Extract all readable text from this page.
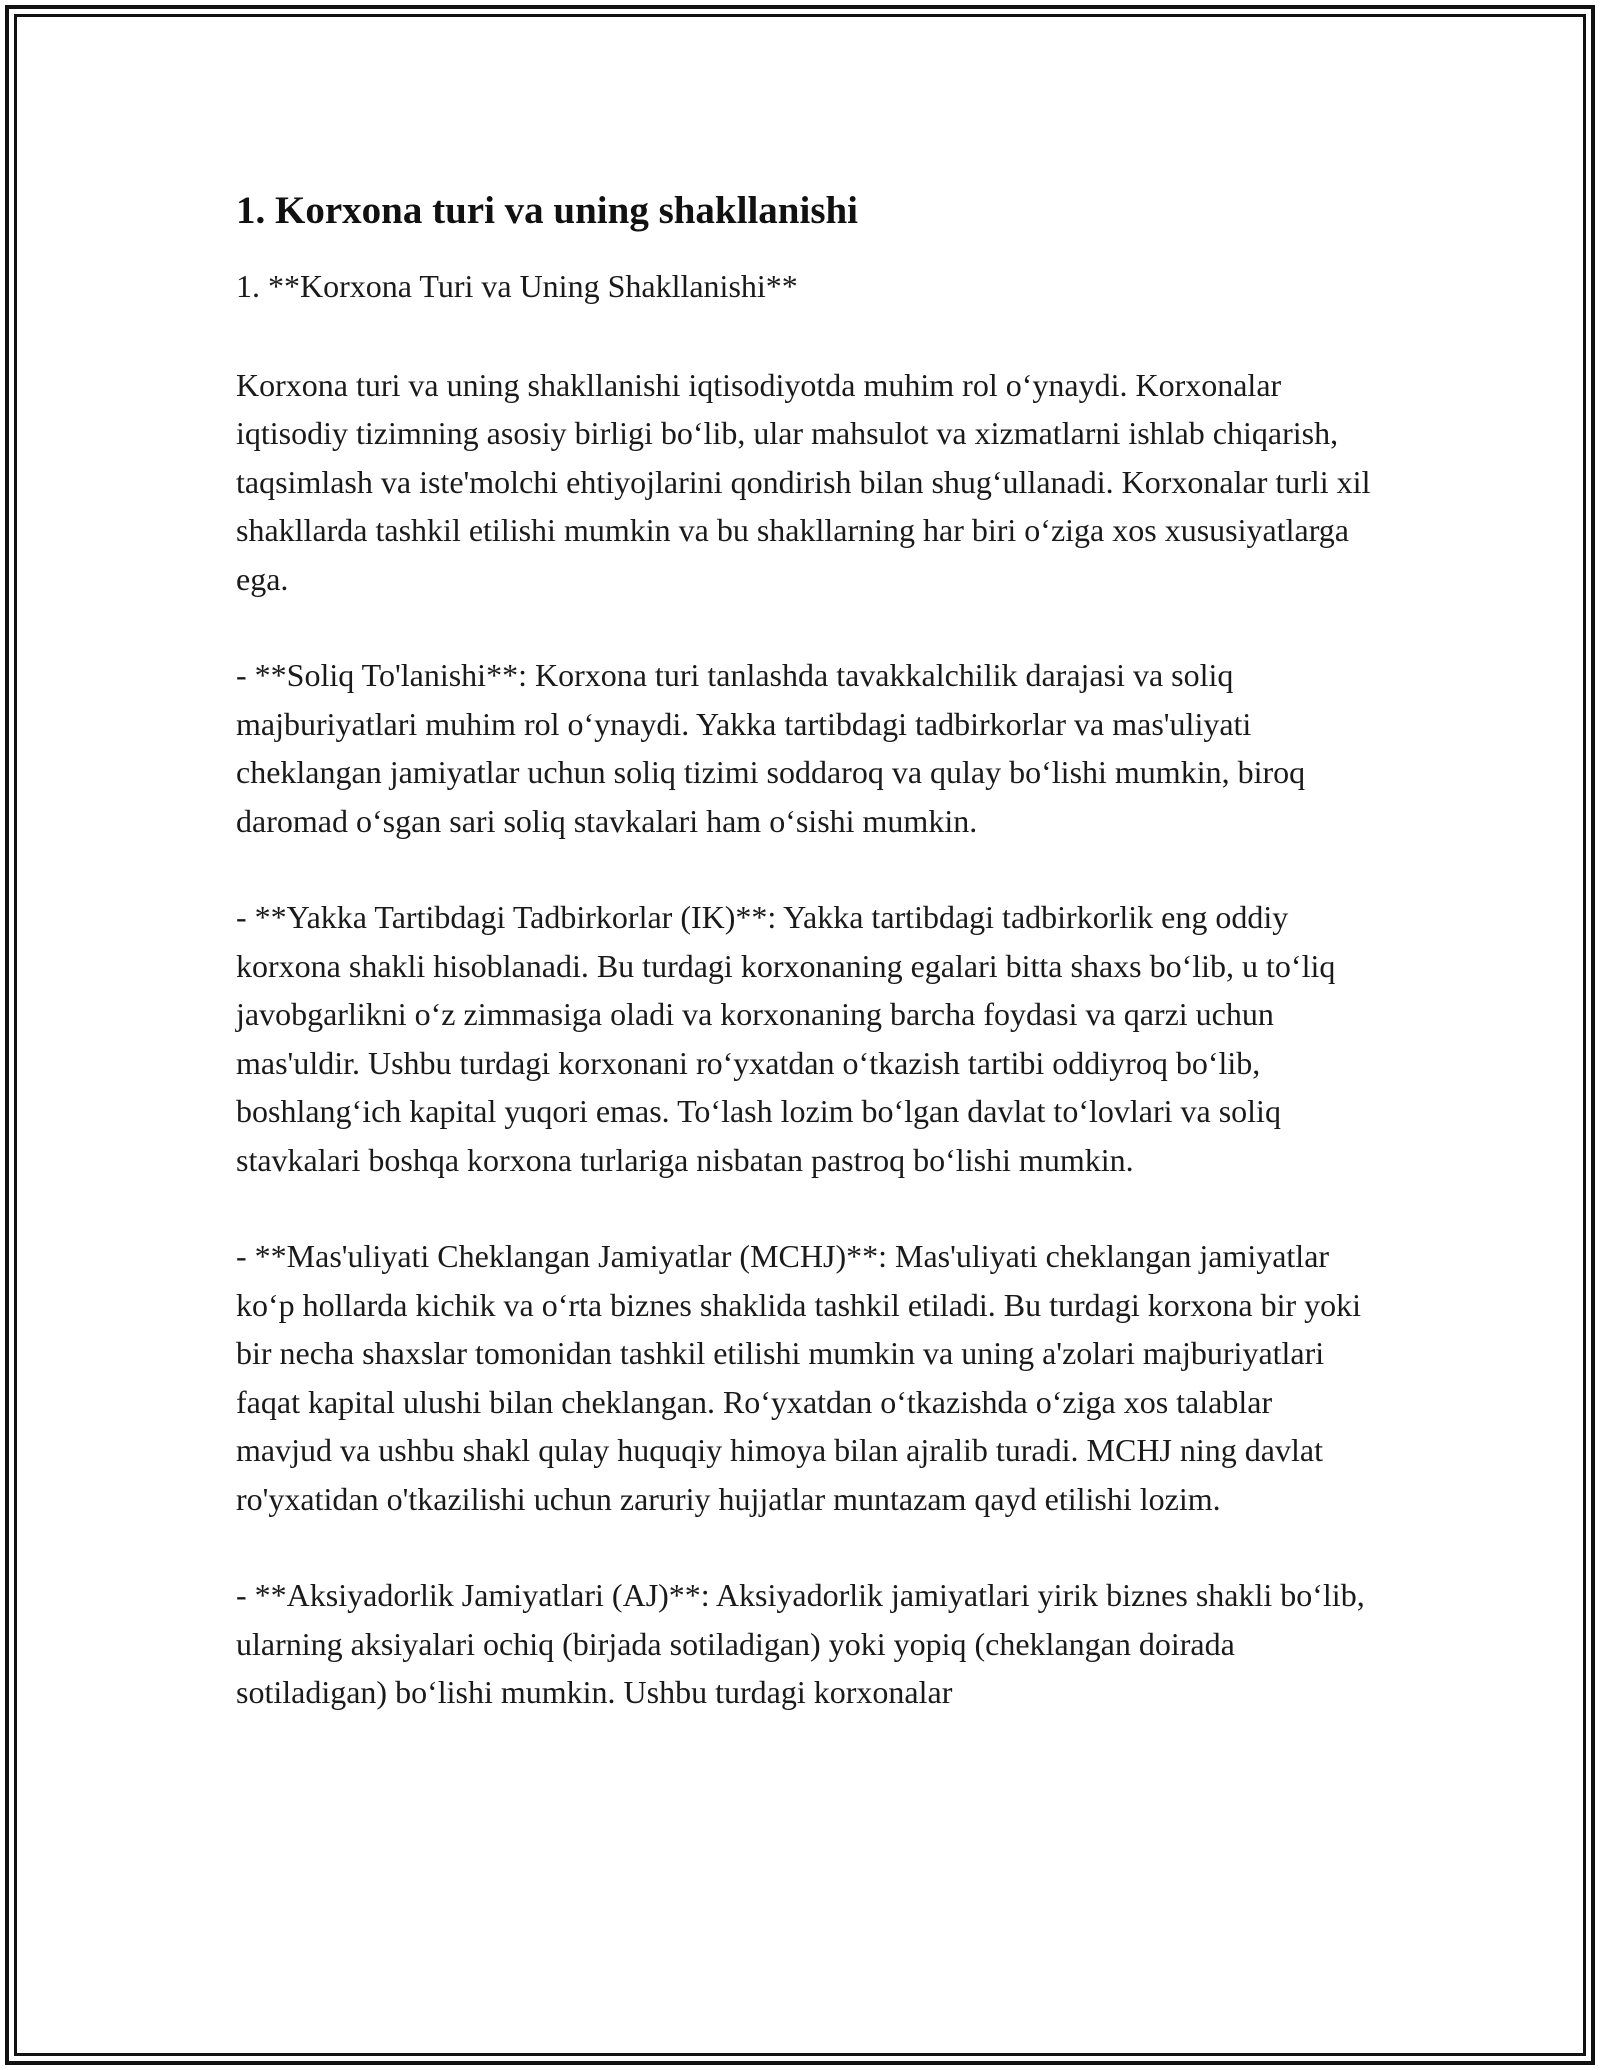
1. Korxona turi va uning shakllanishi

1. **Korxona Turi va Uning Shakllanishi**

Korxona turi va uning shakllanishi iqtisodiyotda muhim rol o‘ynaydi. Korxonalar iqtisodiy tizimning asosiy birligi bo‘lib, ular mahsulot va xizmatlarni ishlab chiqarish, taqsimlash va iste'molchi ehtiyojlarini qondirish bilan shug‘ullanadi. Korxonalar turli xil shakllarda tashkil etilishi mumkin va bu shakllarning har biri o‘ziga xos xususiyatlarga ega.

- **Soliq To'lanishi**: Korxona turi tanlashda tavakkalchilik darajasi va soliq majburiyatlari muhim rol o‘ynaydi. Yakka tartibdagi tadbirkorlar va mas'uliyati cheklangan jamiyatlar uchun soliq tizimi soddaroq va qulay bo‘lishi mumkin, biroq daromad o‘sgan sari soliq stavkalari ham o‘sishi mumkin.

- **Yakka Tartibdagi Tadbirkorlar (IK)**: Yakka tartibdagi tadbirkorlik eng oddiy korxona shakli hisoblanadi. Bu turdagi korxonaning egalari bitta shaxs bo‘lib, u to‘liq javobgarlikni o‘z zimmasiga oladi va korxonaning barcha foydasi va qarzi uchun mas'uldir. Ushbu turdagi korxonani ro‘yxatdan o‘tkazish tartibi oddiyroq bo‘lib, boshlang‘ich kapital yuqori emas. To‘lash lozim bo‘lgan davlat to‘lovlari va soliq stavkalari boshqa korxona turlariga nisbatan pastroq bo‘lishi mumkin.

- **Mas'uliyati Cheklangan Jamiyatlar (MCHJ)**: Mas'uliyati cheklangan jamiyatlar ko‘p hollarda kichik va o‘rta biznes shaklida tashkil etiladi. Bu turdagi korxona bir yoki bir necha shaxslar tomonidan tashkil etilishi mumkin va uning a'zolari majburiyatlari faqat kapital ulushi bilan cheklangan. Ro‘yxatdan o‘tkazishda o‘ziga xos talablar mavjud va ushbu shakl qulay huquqiy himoya bilan ajralib turadi. MCHJ ning davlat ro'yxatidan o'tkazilishi uchun zaruriy hujjatlar muntazam qayd etilishi lozim.

- **Aksiyadorlik Jamiyatlari (AJ)**: Aksiyadorlik jamiyatlari yirik biznes shakli bo‘lib, ularning aksiyalari ochiq (birjada sotiladigan) yoki yopiq (cheklangan doirada sotiladigan) bo‘lishi mumkin. Ushbu turdagi korxonalar
